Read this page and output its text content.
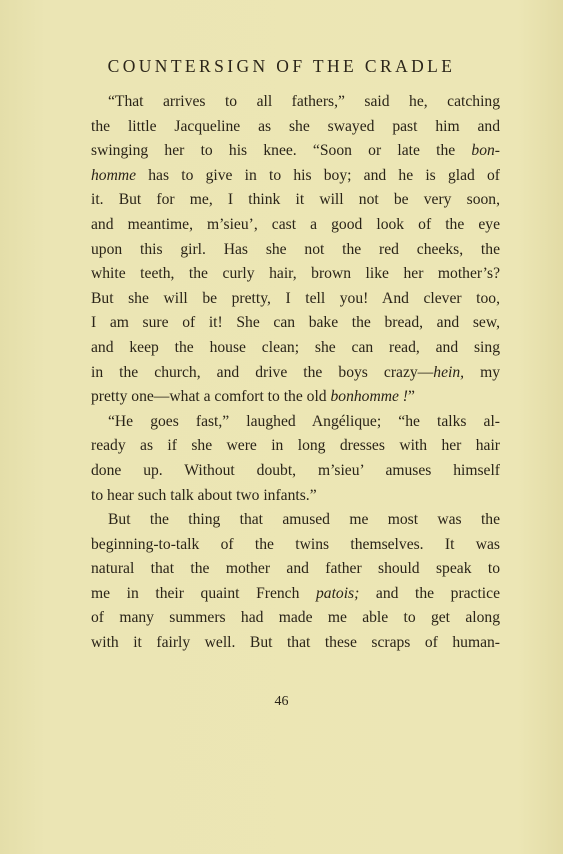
COUNTERSIGN OF THE CRADLE
“That arrives to all fathers,” said he, catching
the little Jacqueline as she swayed past him and
swinging her to his knee. “Soon or late the bon-
homme has to give in to his boy; and he is glad of
it. But for me, I think it will not be very soon,
and meantime, m’sieu’, cast a good look of the eye
upon this girl. Has she not the red cheeks, the
white teeth, the curly hair, brown like her mother’s?
But she will be pretty, I tell you! And clever too,
I am sure of it! She can bake the bread, and sew,
and keep the house clean; she can read, and sing
in the church, and drive the boys crazy—hein, my
pretty one—what a comfort to the old bonhomme !”
“He goes fast,” laughed Angélique; “he talks al-
ready as if she were in long dresses with her hair
done up. Without doubt, m’sieu’ amuses himself
to hear such talk about two infants.”
But the thing that amused me most was the
beginning-to-talk of the twins themselves. It was
natural that the mother and father should speak to
me in their quaint French patois; and the practice
of many summers had made me able to get along
with it fairly well. But that these scraps of human-
46
